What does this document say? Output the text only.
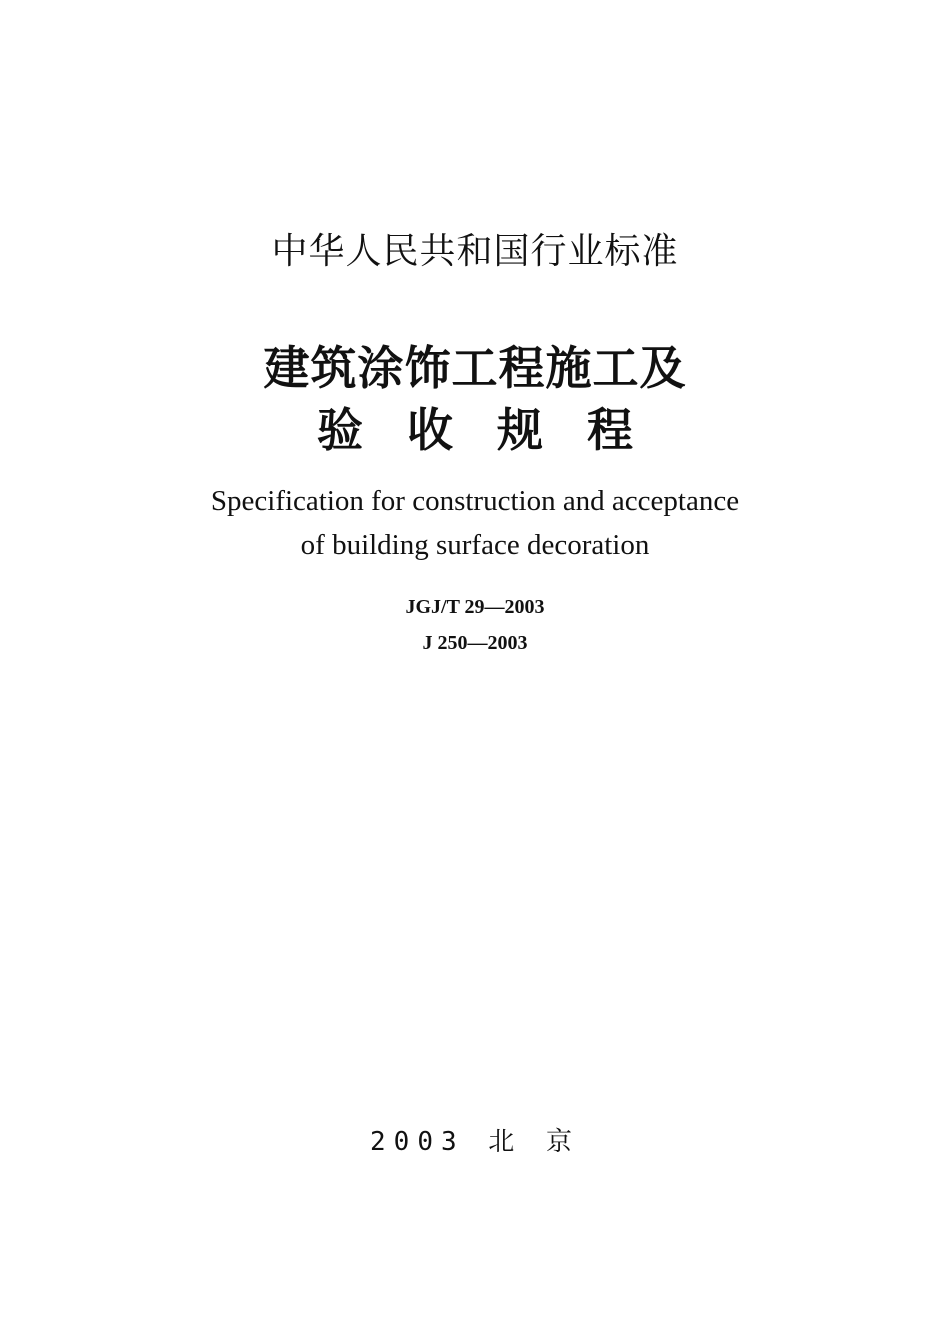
中华人民共和国行业标准
建筑涂饰工程施工及
验 收 规 程
Specification for construction and acceptance
of building surface decoration
JGJ/T 29—2003
J 250—2003
2003 北 京
